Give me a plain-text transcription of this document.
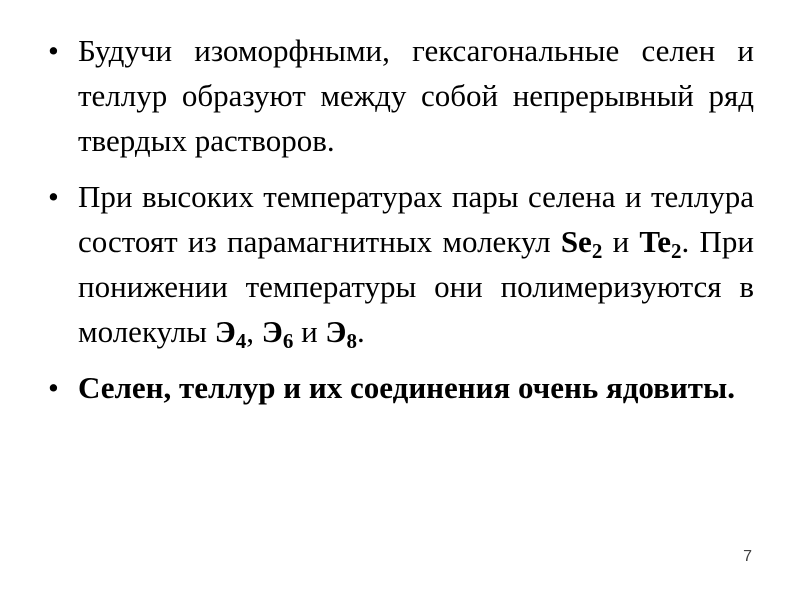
• Будучи изоморфными, гексагональные селен и теллур образуют между собой непрерывный ряд твердых растворов.
• При высоких температурах пары селена и теллура состоят из парамагнитных молекул $Se_2$ и $Te_2$. При понижении температуры они полимеризуются в молекулы $Э_4$, $Э_6$ и $Э_8$.
• Селен, теллур и их соединения очень ядовиты.
7
